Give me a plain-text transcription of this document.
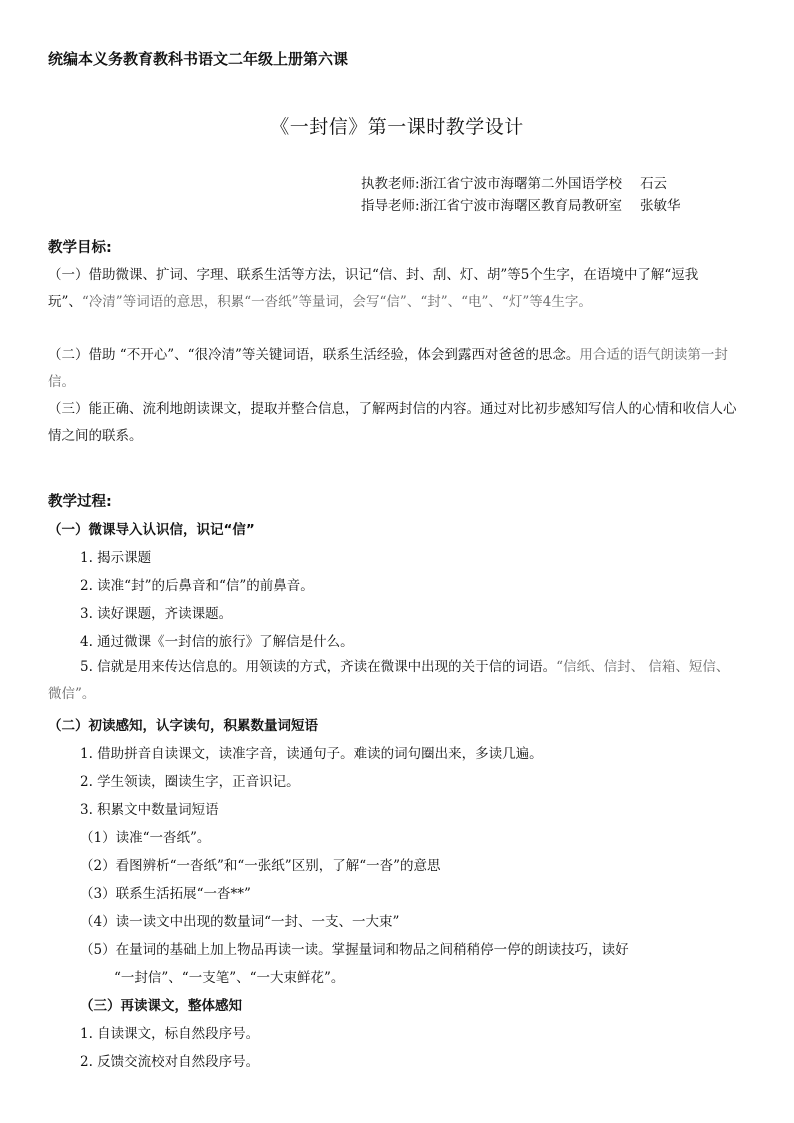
统编本义务教育教科书语文二年级上册第六课
《一封信》第一课时教学设计
执教老师:浙江省宁波市海曙第二外国语学校 石云
指导老师:浙江省宁波市海曙区教育局教研室 张敏华
教学目标:
（一）借助微课、扩词、字理、联系生活等方法，识记“信、封、刮、灯、胡”等5个生字，在语境中了解“逗我玩”、“冷清”等词语的意思，积累“一沓纸”等量词，会写“信”、“封”、“电”、“灯”等4生字。
（二）借助 “不开心”、“很冷清”等关键词语，联系生活经验，体会到露西对爸爸的思念。用合适的语气朗读第一封信。
（三）能正确、流利地朗读课文，提取并整合信息，了解两封信的内容。通过对比初步感知写信人的心情和收信人心情之间的联系。
教学过程:
（一）微课导入认识信，识记“信”
1. 揭示课题
2. 读准“封”的后鼻音和“信”的前鼻音。
3. 读好课题，齐读课题。
4. 通过微课《一封信的旅行》了解信是什么。
5. 信就是用来传达信息的。用领读的方式，齐读在微课中出现的关于信的词语。“信纸、信封、 信箱、短信、微信”。
（二）初读感知，认字读句，积累数量词短语
1. 借助拼音自读课文，读准字音，读通句子。难读的词句圈出来，多读几遍。
2. 学生领读，圈读生字，正音识记。
3. 积累文中数量词短语
（1）读准“一沓纸”。
（2）看图辨析“一沓纸”和“一张纸”区别，了解“一沓”的意思
（3）联系生活拓展“一沓**”
（4）读一读文中出现的数量词“一封、一支、一大束”
（5）在量词的基础上加上物品再读一读。掌握量词和物品之间稍稍停一停的朗读技巧，读好
“一封信”、“一支笔”、“一大束鲜花”。
（三）再读课文，整体感知
1. 自读课文，标自然段序号。
2. 反馈交流校对自然段序号。
